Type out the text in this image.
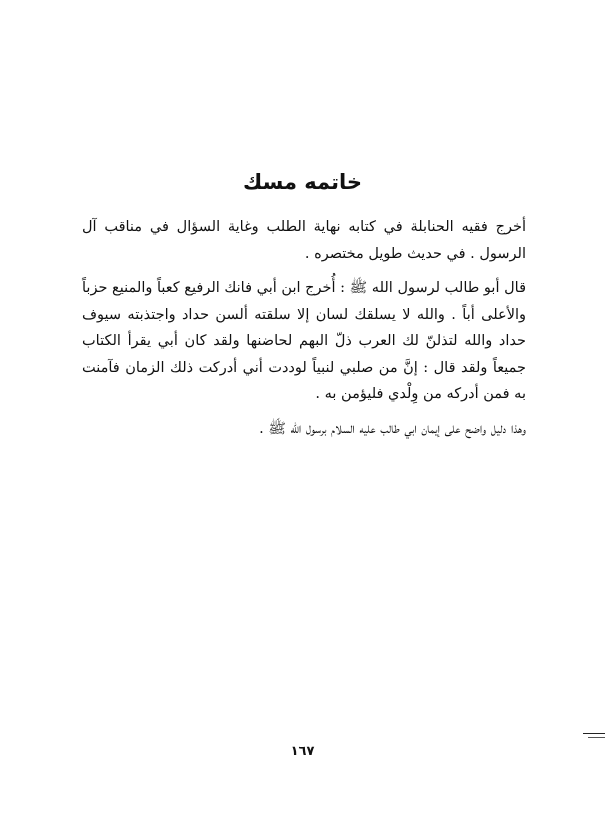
خاتمه مسك

أخرج فقيه الحنابلة في كتابه نهاية الطلب وغاية السؤال في مناقب آل الرسول . في حديث طويل مختصره .

قال أبو طالب لرسول الله ﷺ : أُخرج ابن أبي فانك الرفيع كعباً والمنيع حزباً والأعلى أباً . والله لا يسلقك لسان إلا سلقته ألسن حداد واجتذبته سيوف حداد والله لتذلنّ لك العرب ذلّ البهم لحاضنها ولقد كان أبي يقرأ الكتاب جميعاً ولقد قال : إنَّ من صلبي لنبياً لوددت أني أدركت ذلك الزمان فآمنت به فمن أدركه من وِلْدي فليؤمن به .

وهذا دليل واضح على إيمان ابي طالب عليه السلام برسول الله ﷺ .

١٦٧
